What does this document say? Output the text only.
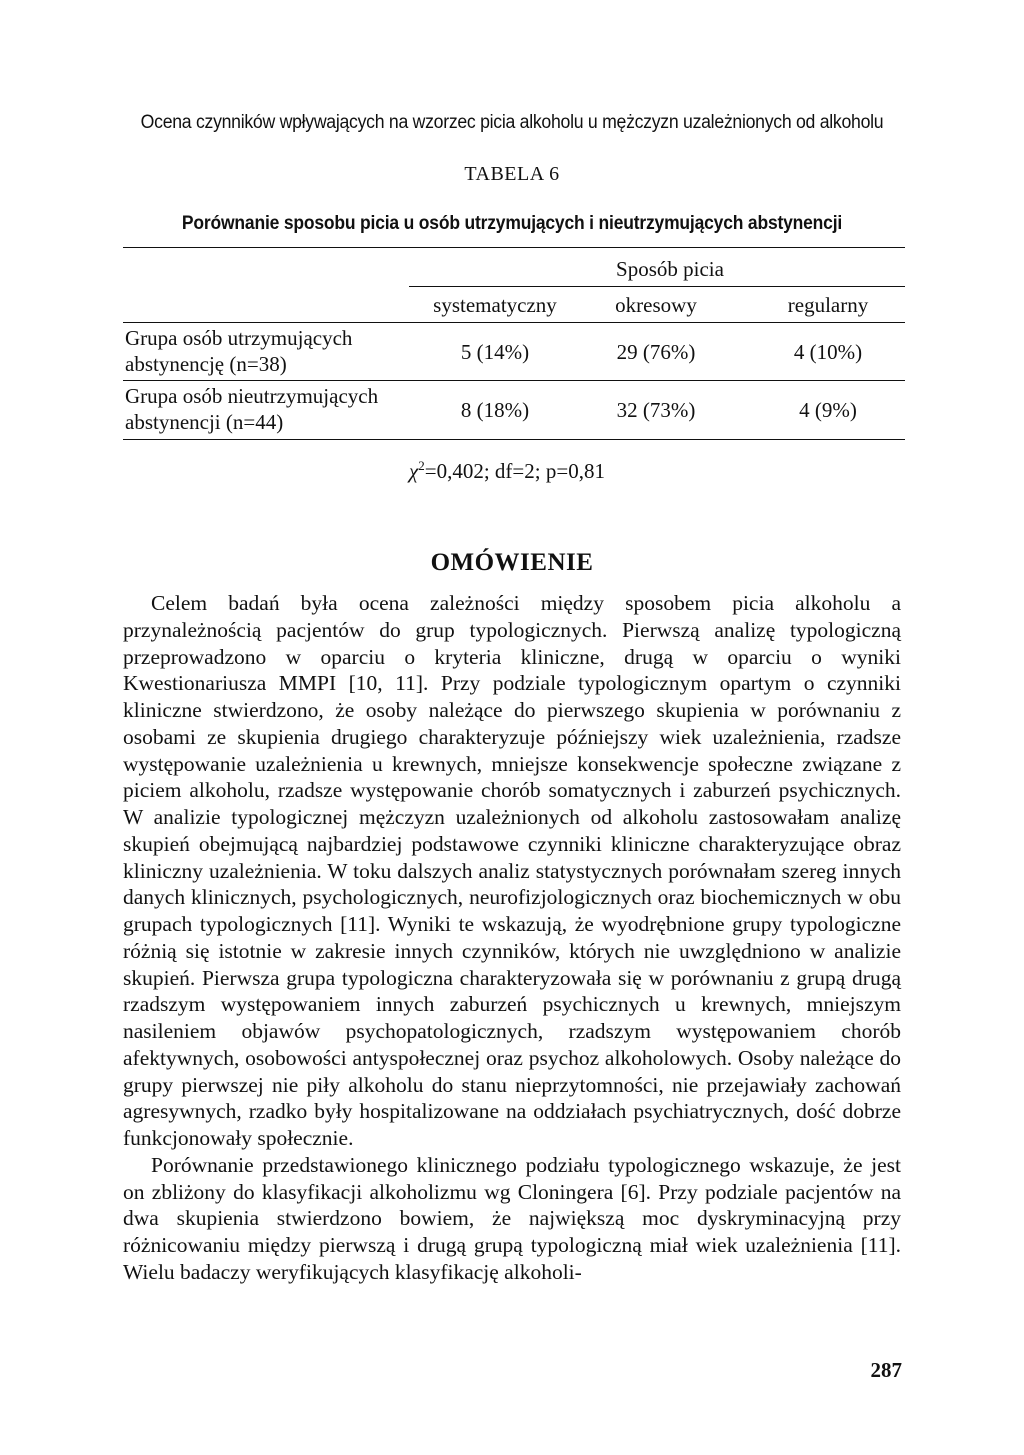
Ocena czynników wpływających na wzorzec picia alkoholu u mężczyzn uzależnionych od alkoholu
TABELA 6
Porównanie sposobu picia u osób utrzymujących i nieutrzymujących abstynencji
Sposób picia
systematyczny	okresowy	regularny
Grupa osób utrzymujących
abstynencję (n=38)	5 (14%)	29 (76%)	4 (10%)
Grupa osób nieutrzymujących
abstynencji (n=44)	8 (18%)	32 (73%)	4 (9%)
$\chi^2=0,402$; df=2; p=0,81
OMÓWIENIE

Celem badań była ocena zależności między sposobem picia alkoholu a przynależnością pacjentów do grup typologicznych. Pierwszą analizę typologiczną przeprowadzono w oparciu o kryteria kliniczne, drugą w oparciu o wyniki Kwestionariusza MMPI [10, 11]. Przy podziale typologicznym opartym o czynniki kliniczne stwierdzono, że osoby należące do pierwszego skupienia w porównaniu z osobami ze skupienia drugiego charakteryzuje późniejszy wiek uzależnienia, rzadsze występowanie uzależnienia u krewnych, mniejsze konsekwencje społeczne związane z piciem alkoholu, rzadsze występowanie chorób somatycznych i zaburzeń psychicznych. W analizie typologicznej mężczyzn uzależnionych od alkoholu zastosowałam analizę skupień obejmującą najbardziej podstawowe czynniki kliniczne charakteryzujące obraz kliniczny uzależnienia. W toku dalszych analiz statystycznych porównałam szereg innych danych klinicznych, psychologicznych, neurofizjologicznych oraz biochemicznych w obu grupach typologicznych [11]. Wyniki te wskazują, że wyodrębnione grupy typologiczne różnią się istotnie w zakresie innych czynników, których nie uwzględniono w analizie skupień. Pierwsza grupa typologiczna charakteryzowała się w porównaniu z grupą drugą rzadszym występowaniem innych zaburzeń psychicznych u krewnych, mniejszym nasileniem objawów psychopatologicznych, rzadszym występowaniem chorób afektywnych, osobowości antyspołecznej oraz psychoz alkoholowych. Osoby należące do grupy pierwszej nie piły alkoholu do stanu nieprzytomności, nie przejawiały zachowań agresywnych, rzadko były hospitalizowane na oddziałach psychiatrycznych, dość dobrze funkcjonowały społecznie.

Porównanie przedstawionego klinicznego podziału typologicznego wskazuje, że jest on zbliżony do klasyfikacji alkoholizmu wg Cloningera [6]. Przy podziale pacjentów na dwa skupienia stwierdzono bowiem, że największą moc dyskryminacyjną przy różnicowaniu między pierwszą i drugą grupą typologiczną miał wiek uzależnienia [11]. Wielu badaczy weryfikujących klasyfikację alkoholi-

287
